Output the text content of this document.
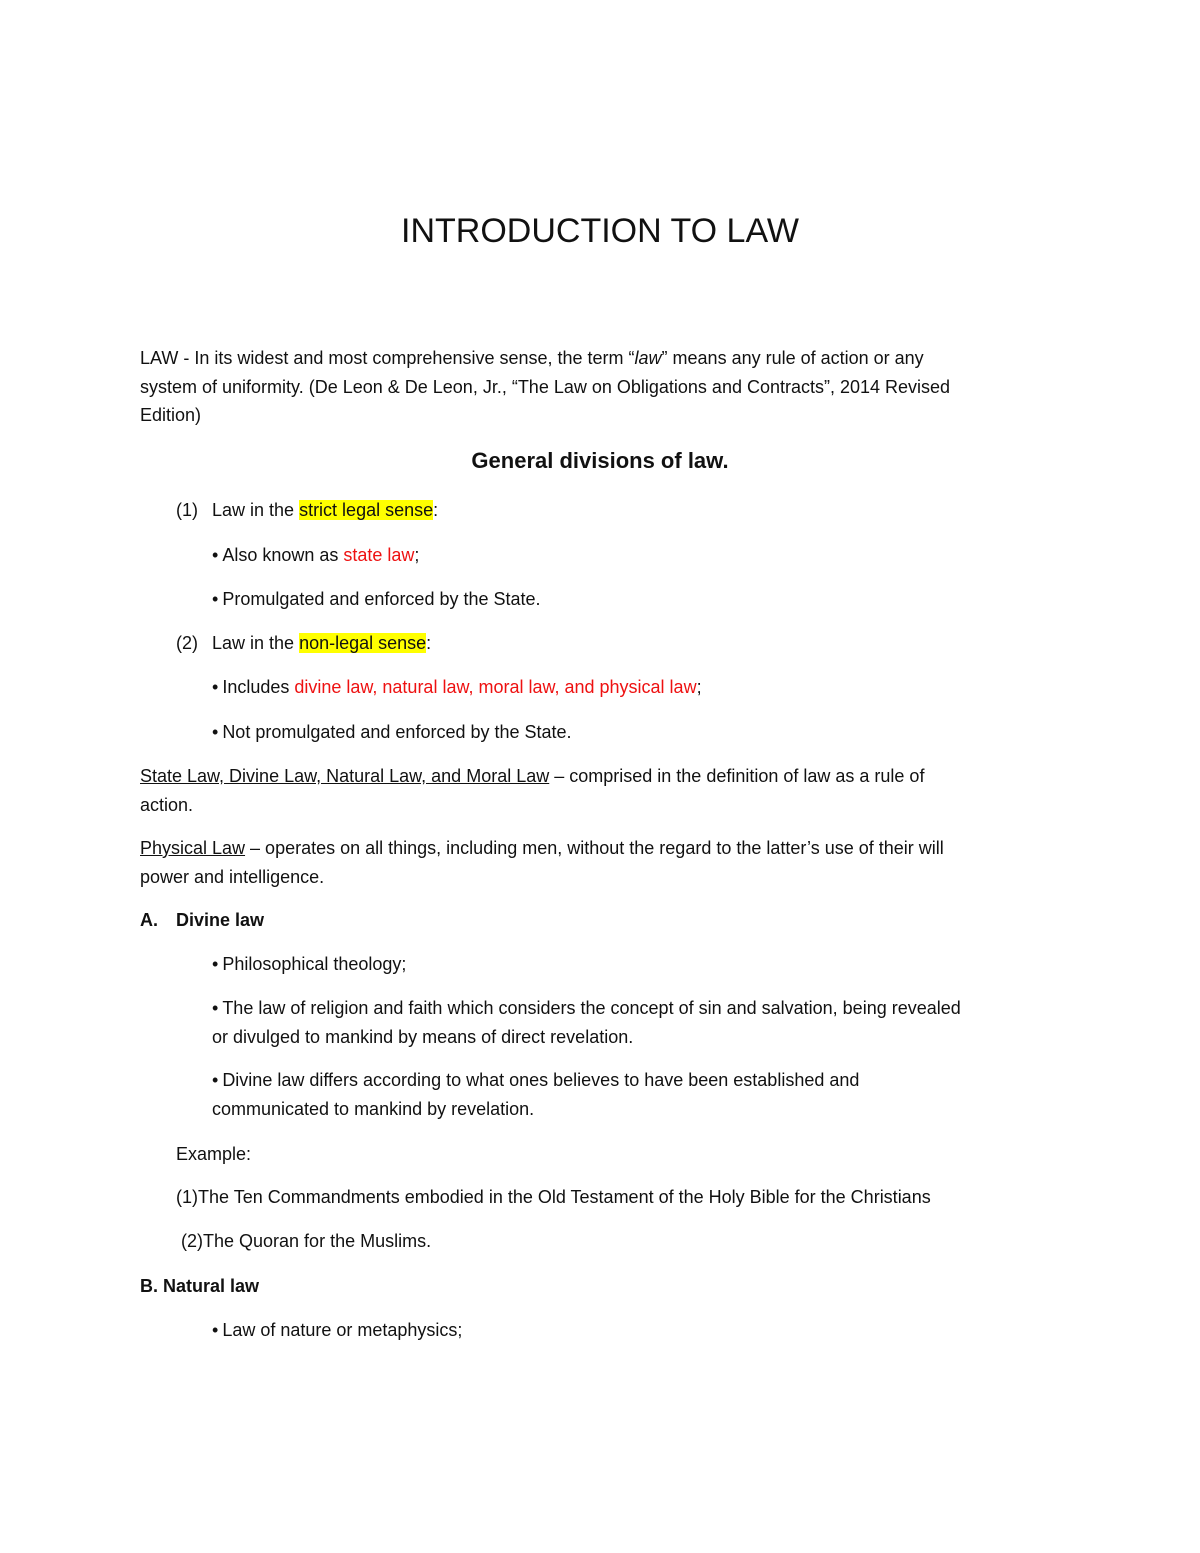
INTRODUCTION TO LAW
LAW - In its widest and most comprehensive sense, the term “law” means any rule of action or any
system of uniformity. (De Leon & De Leon, Jr., “The Law on Obligations and Contracts”, 2014 Revised
Edition)
General divisions of law.
(1) Law in the strict legal sense:
• Also known as state law;
• Promulgated and enforced by the State.
(2) Law in the non-legal sense:
• Includes divine law, natural law, moral law, and physical law;
• Not promulgated and enforced by the State.
State Law, Divine Law, Natural Law, and Moral Law – comprised in the definition of law as a rule of
action.
Physical Law – operates on all things, including men, without the regard to the latter’s use of their will
power and intelligence.
A. Divine law
• Philosophical theology;
• The law of religion and faith which considers the concept of sin and salvation, being revealed
or divulged to mankind by means of direct revelation.
• Divine law differs according to what ones believes to have been established and
communicated to mankind by revelation.
Example:
(1)The Ten Commandments embodied in the Old Testament of the Holy Bible for the Christians
(2)The Quoran for the Muslims.
B. Natural law
• Law of nature or metaphysics;
